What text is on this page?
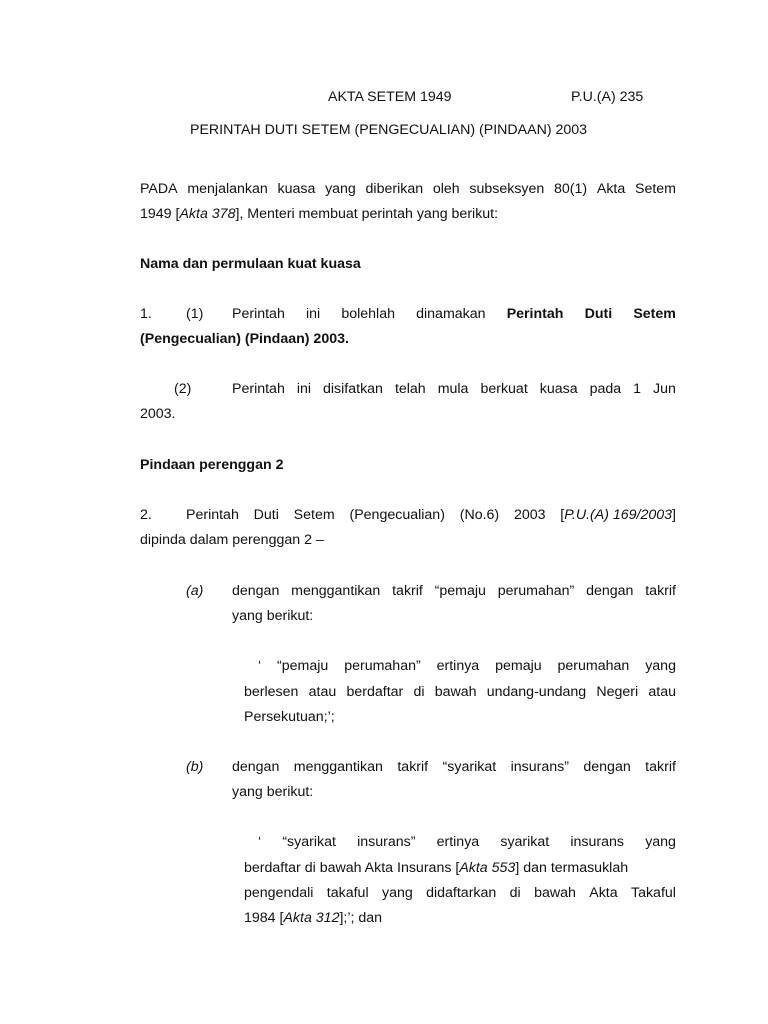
AKTA SETEM 1949	P.U.(A) 235
PERINTAH DUTI SETEM (PENGECUALIAN) (PINDAAN) 2003
PADA menjalankan kuasa yang diberikan oleh subseksyen 80(1) Akta Setem
1949 [Akta 378], Menteri membuat perintah yang berikut:
Nama dan permulaan kuat kuasa
1. (1) Perintah ini bolehlah dinamakan Perintah Duti Setem
(Pengecualian) (Pindaan) 2003.
(2)	Perintah ini disifatkan telah mula berkuat kuasa pada 1 Jun
2003.
Pindaan perenggan 2
2. Perintah Duti Setem (Pengecualian) (No.6) 2003 [P.U.(A) 169/2003]
dipinda dalam perenggan 2 –
(a) dengan menggantikan takrif “pemaju perumahan” dengan takrif
yang berikut:
‘ “pemaju perumahan” ertinya pemaju perumahan yang
berlesen atau berdaftar di bawah undang-undang Negeri atau
Persekutuan;’;
(b) dengan menggantikan takrif “syarikat insurans” dengan takrif
yang berikut:
‘ “syarikat insurans” ertinya syarikat insurans yang
berdaftar di bawah Akta Insurans [Akta 553] dan termasuklah
pengendali takaful yang didaftarkan di bawah Akta Takaful
1984 [Akta 312];’; dan
